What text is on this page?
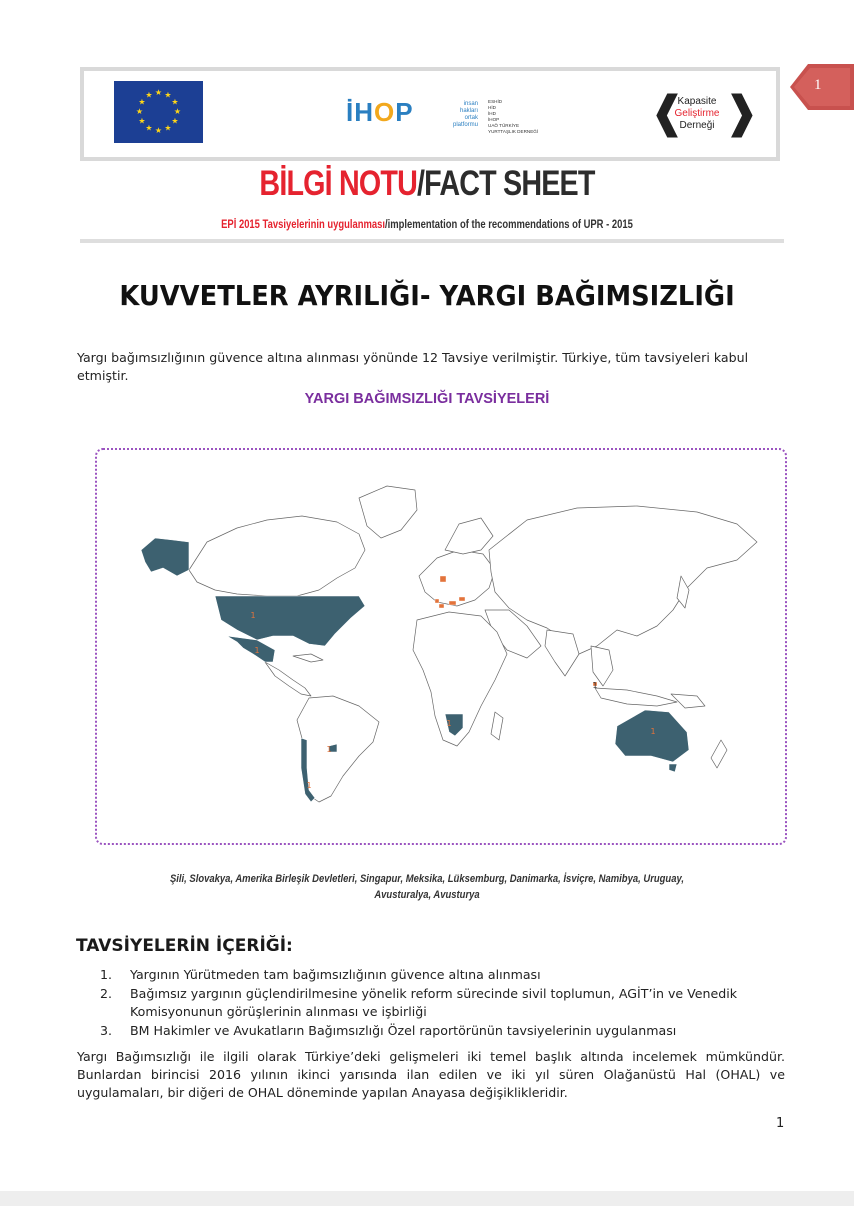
★ ★
★
★
★
★
★
★
★
★
★
★
İHOP	insan
hakları
ortak
platformu
ESHİD
HİD
İHD
İHOP
UAÖ TÜRKİYE
YURTTAŞLIK DERNEĞİ	❰
Kapasite
Geliştirme
Derneği ❱
1
BİLGİ NOTU/FACT SHEET
EPİ 2015 Tavsiyelerinin uygulanması/implementation of the recommendations of UPR - 2015
KUVVETLER AYRILIĞI- YARGI BAĞIMSIZLIĞI
Yargı bağımsızlığının güvence altına alınması yönünde 12 Tavsiye verilmiştir. Türkiye, tüm tavsiyeleri kabul etmiştir.
YARGI BAĞIMSIZLIĞI TAVSİYELERİ
1
1
1
1
1
1
1
Şili, Slovakya, Amerika Birleşik Devletleri, Singapur, Meksika, Lüksemburg, Danimarka, İsviçre, Namibya, Uruguay,
Avusturalya, Avusturya
TAVSİYELERİN İÇERİĞİ:
1. Yargının Yürütmeden tam bağımsızlığının güvence altına alınması
2. Bağımsız yargının güçlendirilmesine yönelik reform sürecinde sivil toplumun, AGİT’in ve Venedik Komisyonunun görüşlerinin alınması ve işbirliği
3. BM Hakimler ve Avukatların Bağımsızlığı Özel raportörünün tavsiyelerinin uygulanması
Yargı Bağımsızlığı ile ilgili olarak Türkiye’deki gelişmeleri iki temel başlık altında incelemek mümkündür. Bunlardan birincisi 2016 yılının ikinci yarısında ilan edilen ve iki yıl süren Olağanüstü Hal (OHAL) ve uygulamaları, bir diğeri de OHAL döneminde yapılan Anayasa değişiklikleridir.
1
